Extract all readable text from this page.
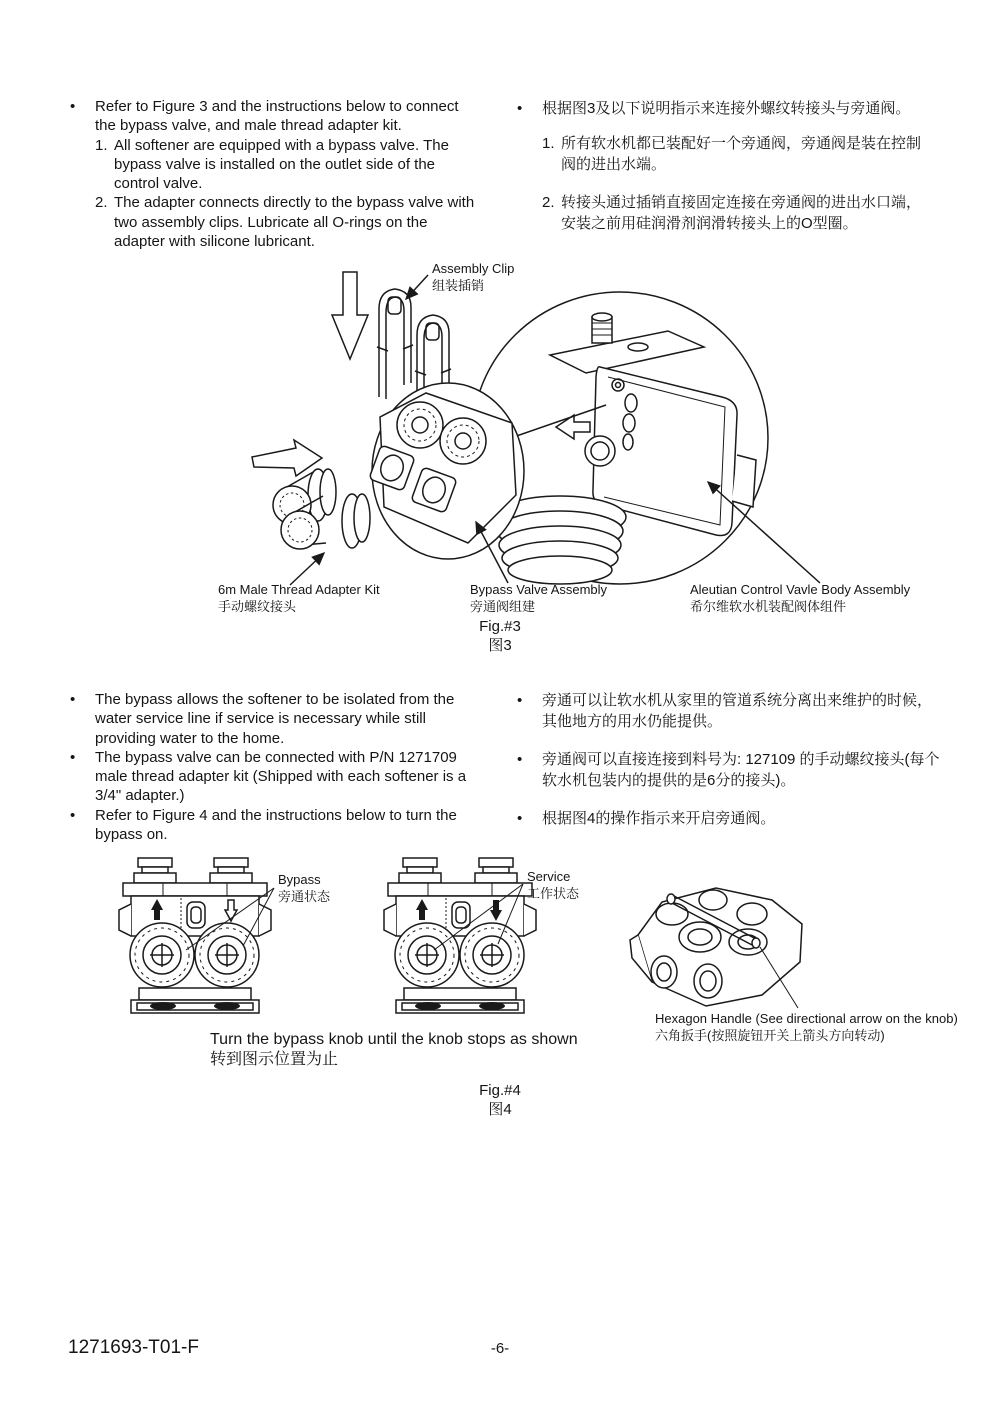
• Refer to Figure 3 and the instructions below to connect the bypass valve, and male thread adapter kit.
1. All softener are equipped with a bypass valve. The bypass valve is installed on the outlet side of the control valve.
2. The adapter connects directly to the bypass valve with two assembly clips. Lubricate all O-rings on the adapter with silicone lubricant.
• 根据图3及以下说明指示来连接外螺纹转接头与旁通阀。
1. 所有软水机都已装配好一个旁通阀，旁通阀是装在控制阀的进出水端。
2. 转接头通过插销直接固定连接在旁通阀的进出水口端，安装之前用硅润滑剂润滑转接头上的O型圈。
Assembly Clip
组装插销
6m Male Thread Adapter Kit
手动螺纹接头
Bypass Valve Assembly
旁通阀组建
Aleutian Control Vavle Body Assembly
希尔维软水机装配阀体组件
Fig.#3
图3
• The bypass allows the softener to be isolated from the water service line if service is necessary while still providing water to the home.
• The bypass valve can be connected with P/N 1271709 male thread adapter kit (Shipped with each softener is a 3/4" adapter.)
• Refer to Figure 4 and the instructions below to turn the bypass on.
• 旁通可以让软水机从家里的管道系统分离出来维护的时候，其他地方的用水仍能提供。
• 旁通阀可以直接连接到料号为: 127109 的手动螺纹接头(每个软水机包装内的提供的是6分的接头)。
• 根据图4的操作指示来开启旁通阀。
Bypass
旁通状态
Service
工作状态
Hexagon Handle (See directional arrow on the knob)
六角扳手(按照旋钮开关上箭头方向转动)
Turn the bypass knob until the knob stops as shown
转到图示位置为止
Fig.#4
图4
1271693-T01-F	-6-
